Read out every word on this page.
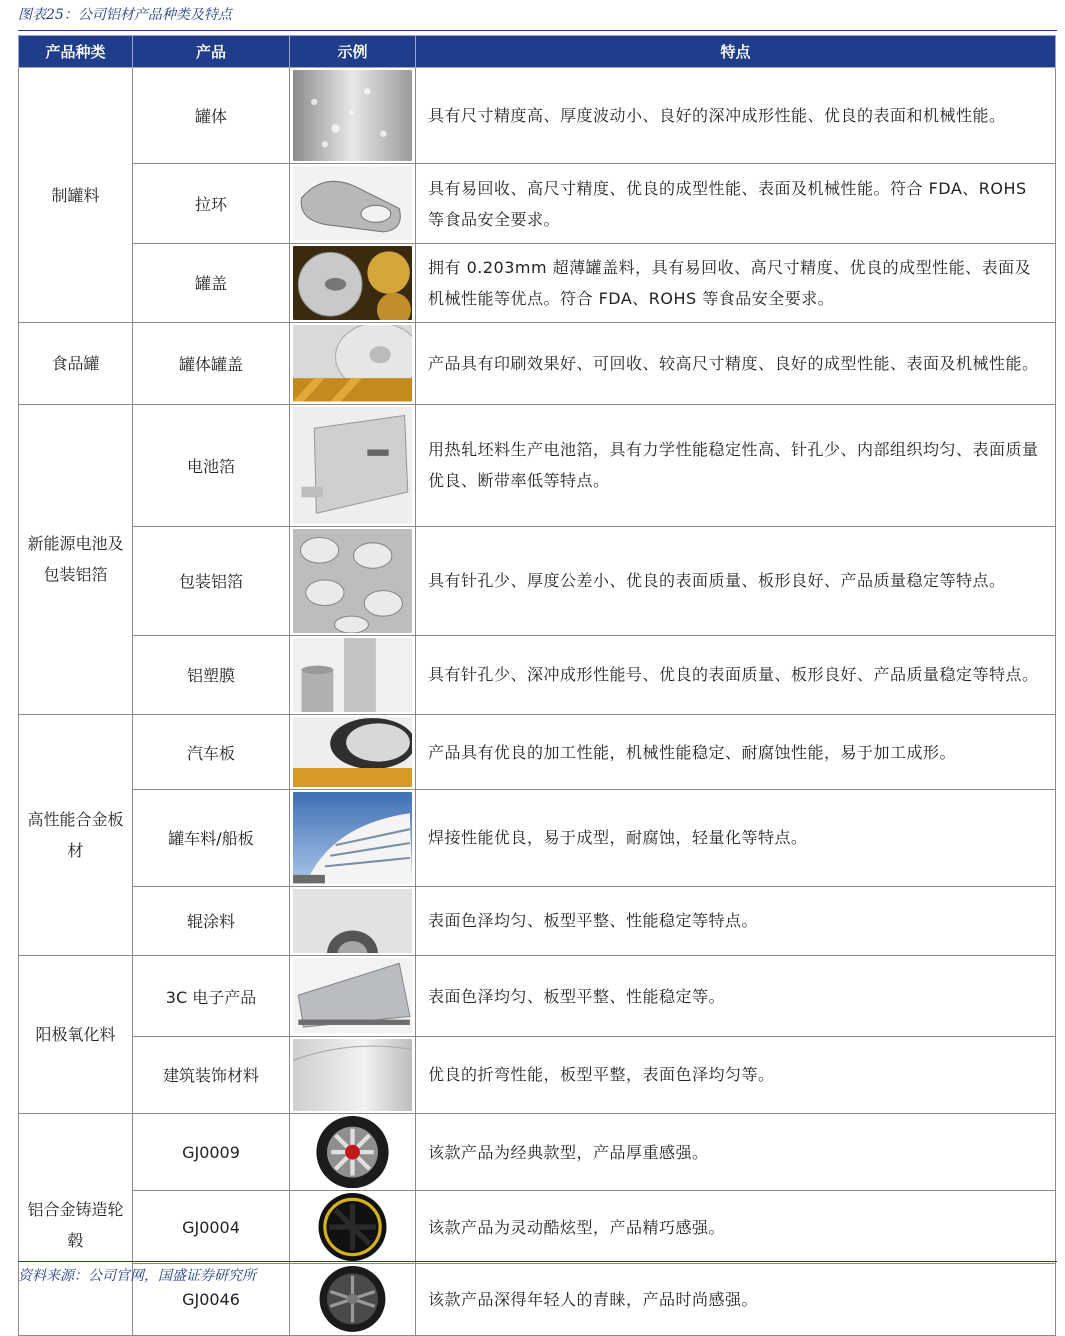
图表25：公司铝材产品种类及特点
产品种类	产品	示例	特点
制罐料	罐体		具有尺寸精度高、厚度波动小、良好的深冲成形性能、优良的表面和机械性能。
	拉环		具有易回收、高尺寸精度、优良的成型性能、表面及机械性能。符合 FDA、ROHS 等食品安全要求。
	罐盖		拥有 0.203mm 超薄罐盖料，具有易回收、高尺寸精度、优良的成型性能、表面及机械性能等优点。符合 FDA、ROHS 等食品安全要求。
食品罐	罐体罐盖		产品具有印刷效果好、可回收、较高尺寸精度、良好的成型性能、表面及机械性能。
新能源电池及包装铝箔	电池箔		用热轧坯料生产电池箔，具有力学性能稳定性高、针孔少、内部组织均匀、表面质量优良、断带率低等特点。
	包装铝箔		具有针孔少、厚度公差小、优良的表面质量、板形良好、产品质量稳定等特点。
	铝塑膜		具有针孔少、深冲成形性能号、优良的表面质量、板形良好、产品质量稳定等特点。
高性能合金板材	汽车板		产品具有优良的加工性能，机械性能稳定、耐腐蚀性能，易于加工成形。
	罐车料/船板		焊接性能优良，易于成型，耐腐蚀，轻量化等特点。
	辊涂料		表面色泽均匀、板型平整、性能稳定等特点。
阳极氧化料	3C 电子产品		表面色泽均匀、板型平整、性能稳定等。
	建筑装饰材料		优良的折弯性能，板型平整，表面色泽均匀等。
铝合金铸造轮毂	GJ0009		该款产品为经典款型，产品厚重感强。
	GJ0004		该款产品为灵动酷炫型，产品精巧感强。
	GJ0046		该款产品深得年轻人的青睐，产品时尚感强。
资料来源：公司官网，国盛证券研究所
